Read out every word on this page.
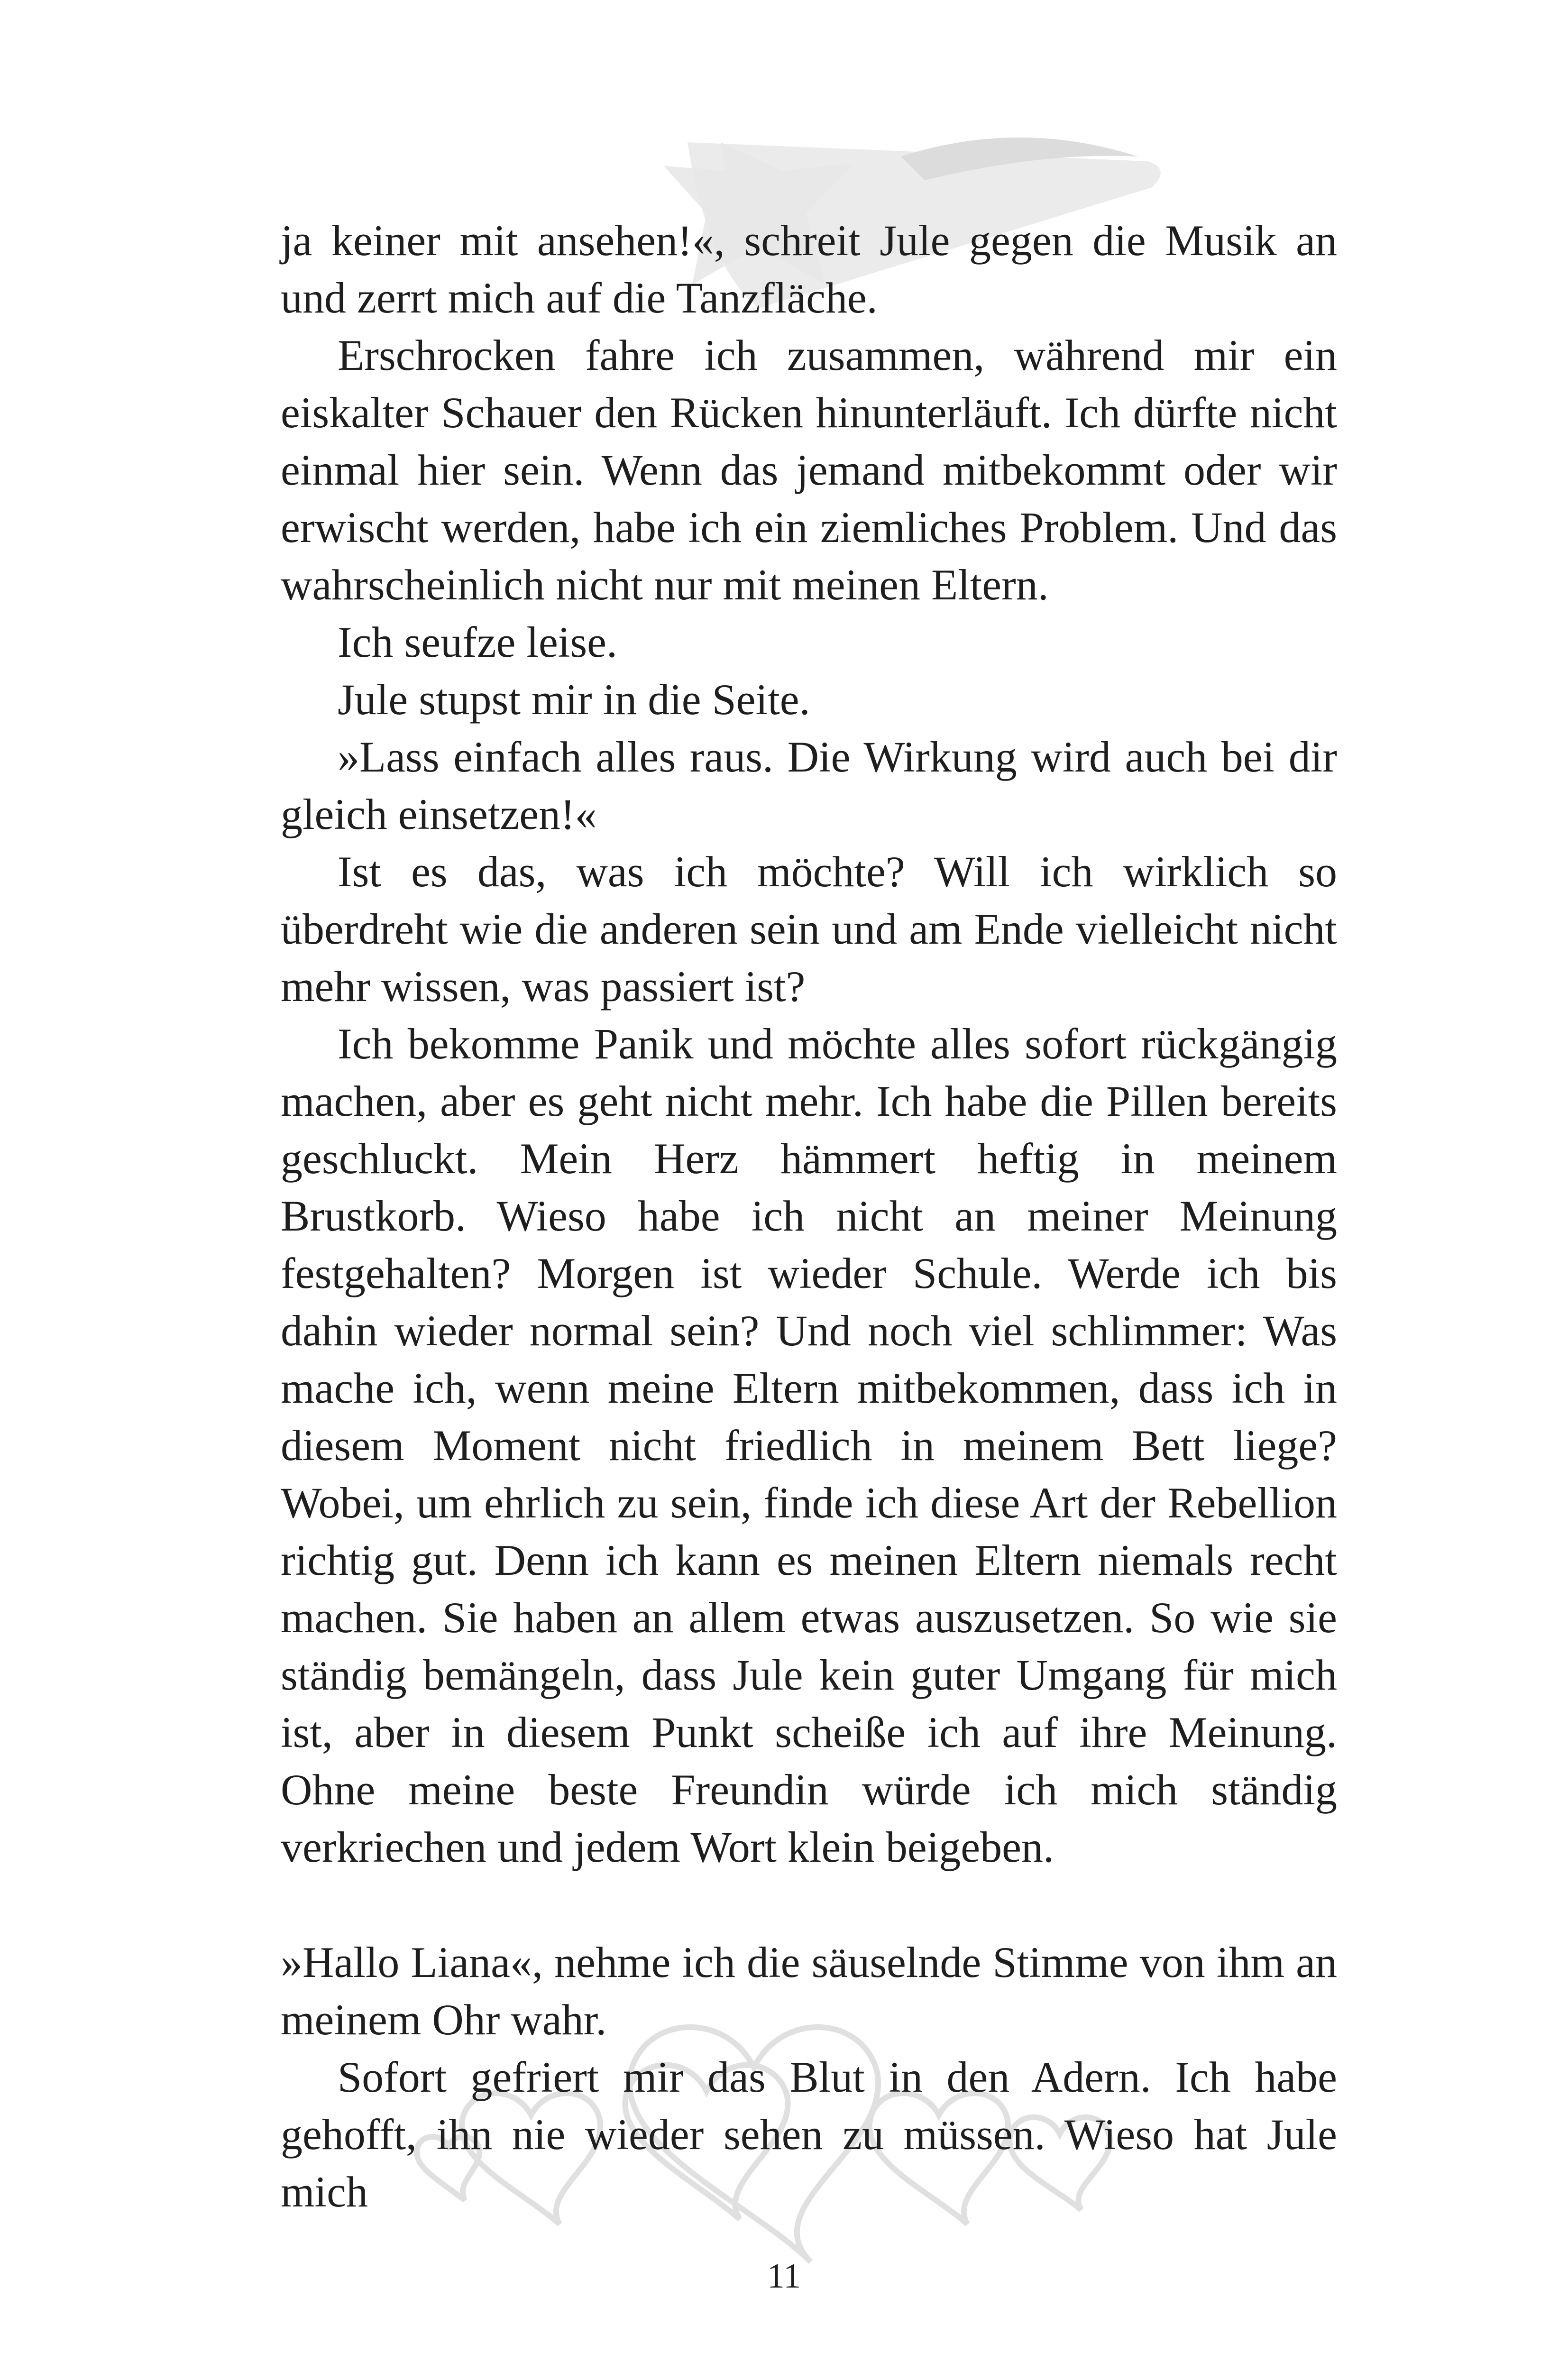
ja keiner mit ansehen!«, schreit Jule gegen die Musik an und zerrt mich auf die Tanzfläche.

Erschrocken fahre ich zusammen, während mir ein eiskalter Schauer den Rücken hinunterläuft. Ich dürfte nicht einmal hier sein. Wenn das jemand mitbekommt oder wir erwischt werden, habe ich ein ziemliches Problem. Und das wahrscheinlich nicht nur mit meinen Eltern.

Ich seufze leise.

Jule stupst mir in die Seite.

»Lass einfach alles raus. Die Wirkung wird auch bei dir gleich einsetzen!«

Ist es das, was ich möchte? Will ich wirklich so überdreht wie die anderen sein und am Ende vielleicht nicht mehr wissen, was passiert ist?

Ich bekomme Panik und möchte alles sofort rückgängig machen, aber es geht nicht mehr. Ich habe die Pillen bereits geschluckt. Mein Herz hämmert heftig in meinem Brustkorb. Wieso habe ich nicht an meiner Meinung festgehalten? Morgen ist wieder Schule. Werde ich bis dahin wieder normal sein? Und noch viel schlimmer: Was mache ich, wenn meine Eltern mitbekommen, dass ich in diesem Moment nicht friedlich in meinem Bett liege? Wobei, um ehrlich zu sein, finde ich diese Art der Rebellion richtig gut. Denn ich kann es meinen Eltern niemals recht machen. Sie haben an allem etwas auszusetzen. So wie sie ständig bemängeln, dass Jule kein guter Umgang für mich ist, aber in diesem Punkt scheiße ich auf ihre Meinung. Ohne meine beste Freundin würde ich mich ständig verkriechen und jedem Wort klein beigeben.

»Hallo Liana«, nehme ich die säuselnde Stimme von ihm an meinem Ohr wahr.

Sofort gefriert mir das Blut in den Adern. Ich habe gehofft, ihn nie wieder sehen zu müssen. Wieso hat Jule mich

11
